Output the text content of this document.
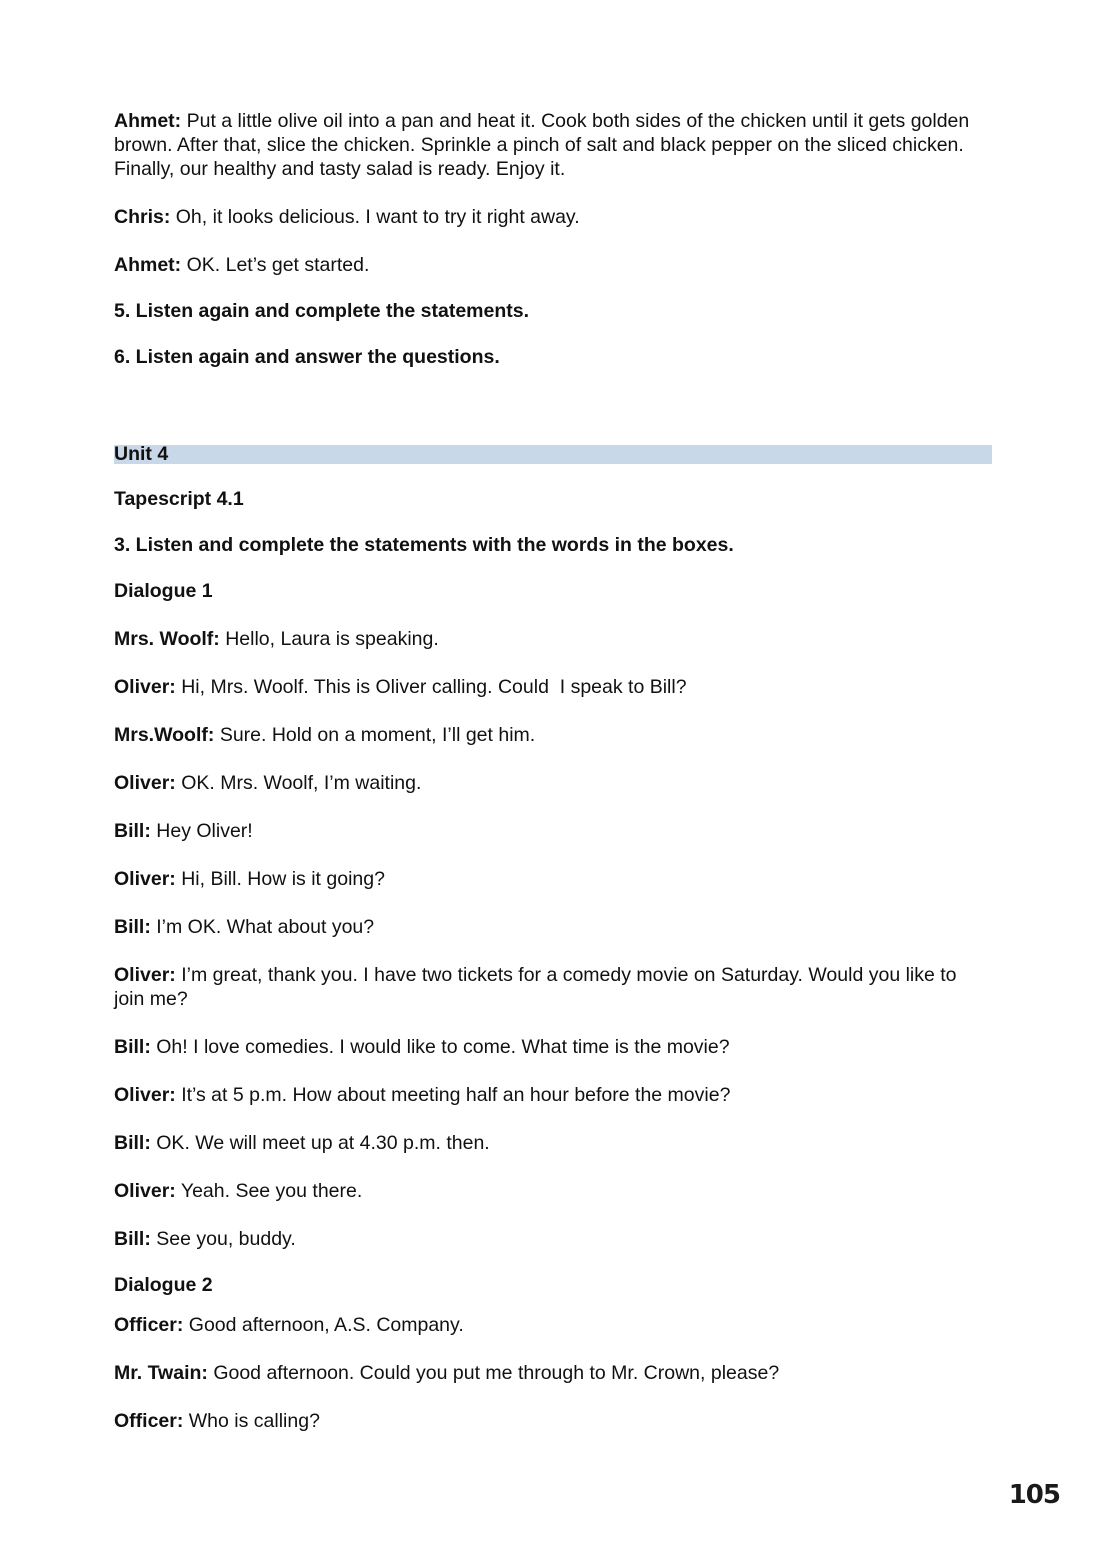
Ahmet: Put a little olive oil into a pan and heat it. Cook both sides of the chicken until it gets golden brown. After that, slice the chicken. Sprinkle a pinch of salt and black pepper on the sliced chicken. Finally, our healthy and tasty salad is ready. Enjoy it.

Chris: Oh, it looks delicious. I want to try it right away.

Ahmet: OK. Let’s get started.

5. Listen again and complete the statements.

6. Listen again and answer the questions.

Unit 4

Tapescript 4.1

3. Listen and complete the statements with the words in the boxes.

Dialogue 1

Mrs. Woolf: Hello, Laura is speaking.

Oliver: Hi, Mrs. Woolf. This is Oliver calling. Could  I speak to Bill?

Mrs.Woolf: Sure. Hold on a moment, I’ll get him.

Oliver: OK. Mrs. Woolf, I’m waiting.

Bill: Hey Oliver!

Oliver: Hi, Bill. How is it going?

Bill: I’m OK. What about you?

Oliver: I’m great, thank you. I have two tickets for a comedy movie on Saturday. Would you like to join me?

Bill: Oh! I love comedies. I would like to come. What time is the movie?

Oliver: It’s at 5 p.m. How about meeting half an hour before the movie?

Bill: OK. We will meet up at 4.30 p.m. then.

Oliver: Yeah. See you there.

Bill: See you, buddy.

Dialogue 2

Officer: Good afternoon, A.S. Company.

Mr. Twain: Good afternoon. Could you put me through to Mr. Crown, please?

Officer: Who is calling?

105
